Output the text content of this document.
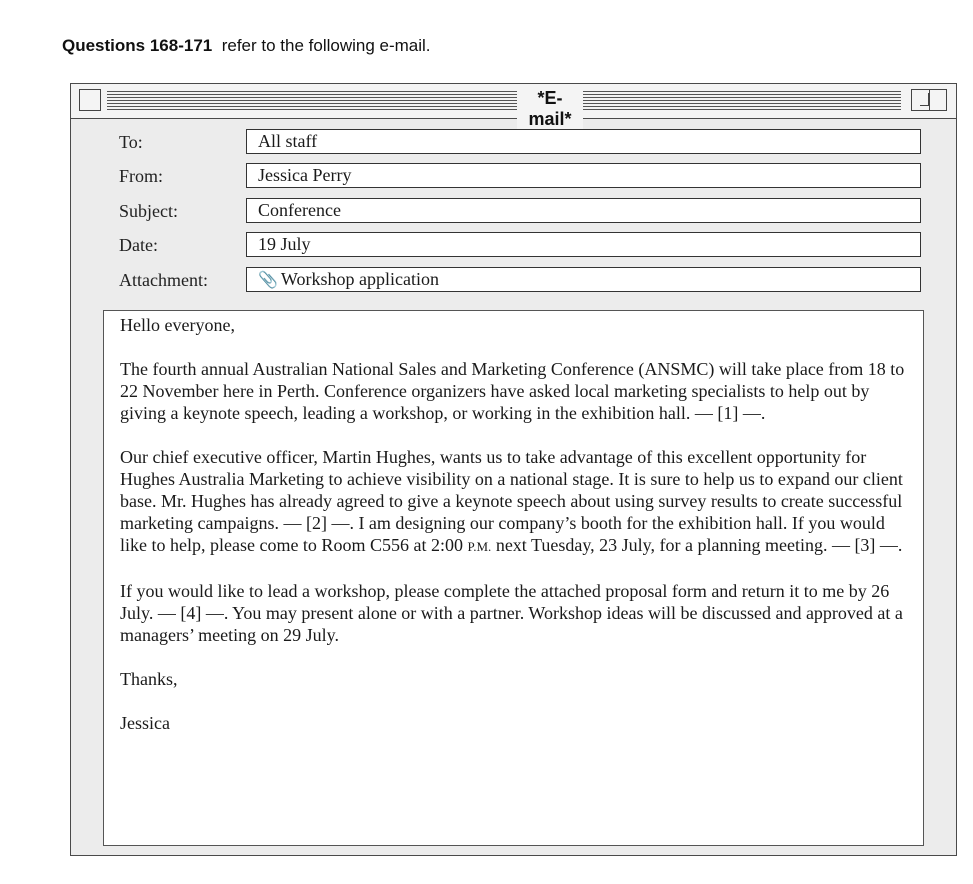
Questions 168-171 refer to the following e-mail.
*E-mail*
To:	All staff
From:	Jessica Perry
Subject:	Conference
Date:	19 July
Attachment:	📎 Workshop application

Hello everyone,

The fourth annual Australian National Sales and Marketing Conference (ANSMC) will take place from 18 to 22 November here in Perth. Conference organizers have asked local marketing specialists to help out by giving a keynote speech, leading a workshop, or working in the exhibition hall. — [1] —.

Our chief executive officer, Martin Hughes, wants us to take advantage of this excellent opportunity for Hughes Australia Marketing to achieve visibility on a national stage. It is sure to help us to expand our client base. Mr. Hughes has already agreed to give a keynote speech about using survey results to create successful marketing campaigns. — [2] —. I am designing our company’s booth for the exhibition hall. If you would like to help, please come to Room C556 at 2:00 P.M. next Tuesday, 23 July, for a planning meeting. — [3] —.

If you would like to lead a workshop, please complete the attached proposal form and return it to me by 26 July. — [4] —. You may present alone or with a partner. Workshop ideas will be discussed and approved at a managers’ meeting on 29 July.

Thanks,

Jessica
